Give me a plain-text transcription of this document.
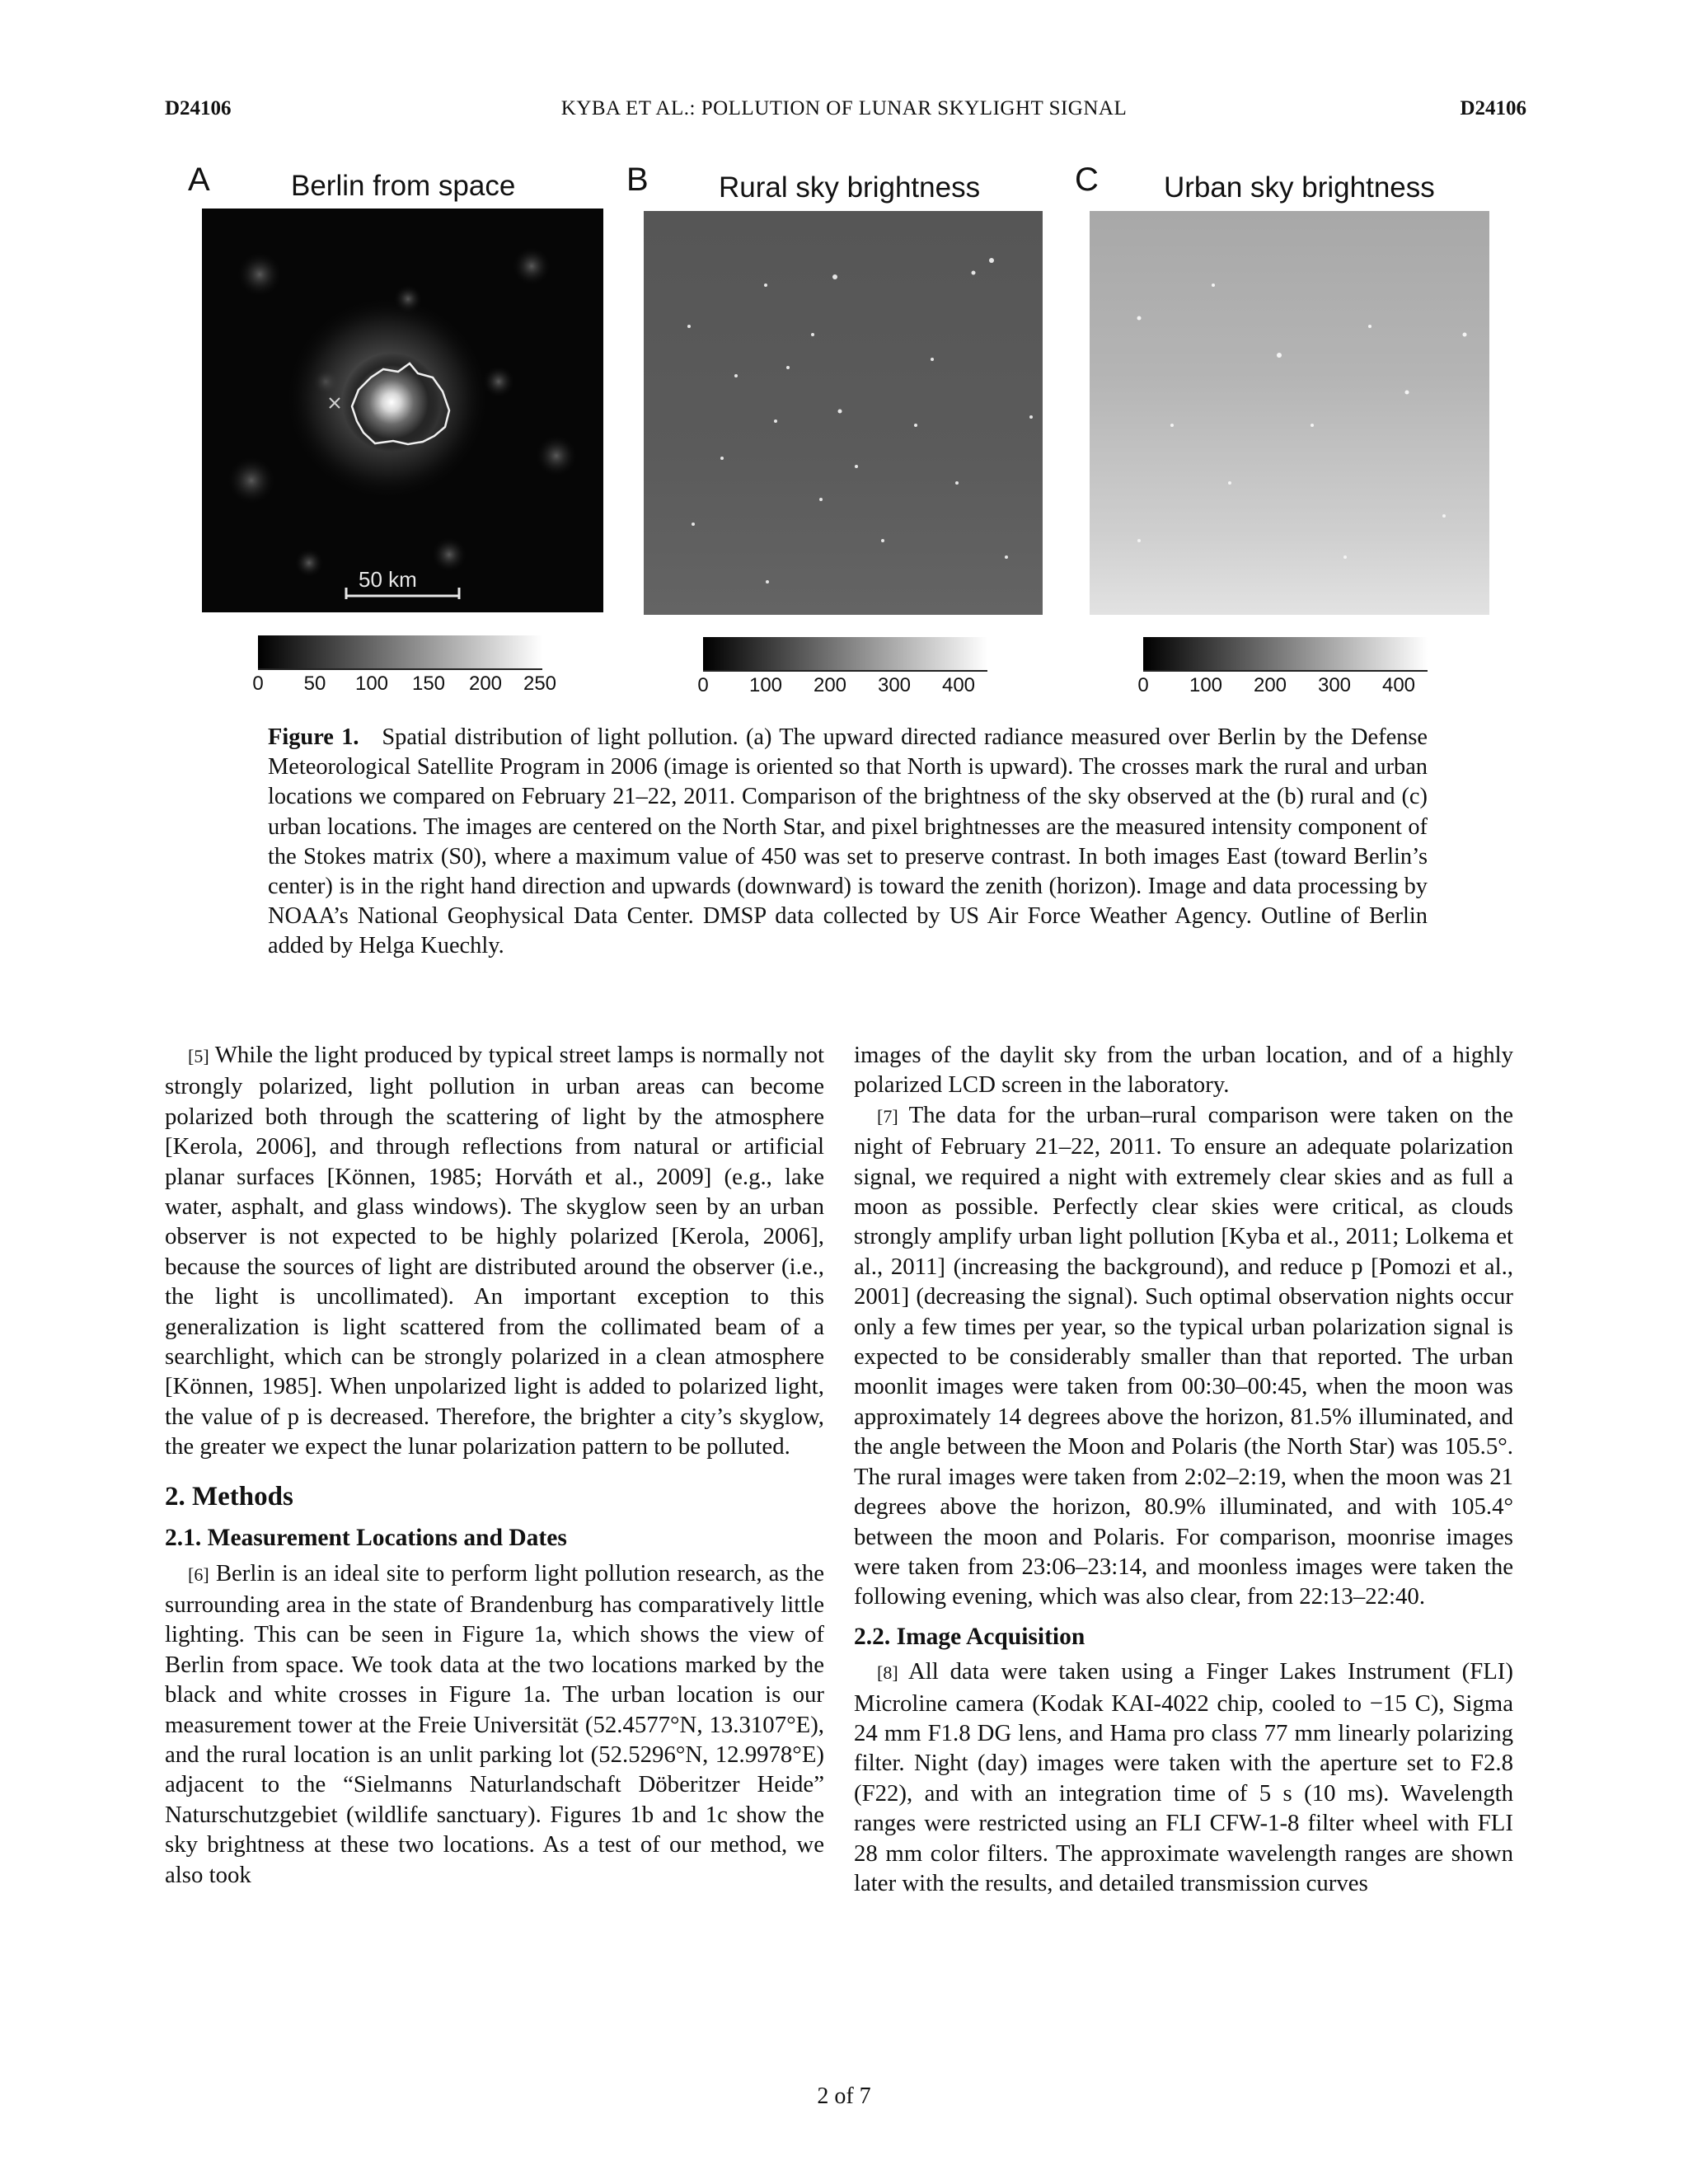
D24106	KYBA ET AL.: POLLUTION OF LUNAR SKYLIGHT SIGNAL	D24106
A	Berlin from space
50 km
B Rural sky brightness	C Urban sky brightness
0 50 100 150 200 250	0 100 200 300 400	0 100 200 300 400
Figure 1. Spatial distribution of light pollution. (a) The upward directed radiance measured over Berlin by the Defense Meteorological Satellite Program in 2006 (image is oriented so that North is upward). The crosses mark the rural and urban locations we compared on February 21–22, 2011. Comparison of the brightness of the sky observed at the (b) rural and (c) urban locations. The images are centered on the North Star, and pixel brightnesses are the measured intensity component of the Stokes matrix (S0), where a maximum value of 450 was set to preserve contrast. In both images East (toward Berlin’s center) is in the right hand direction and upwards (downward) is toward the zenith (horizon). Image and data processing by NOAA’s National Geophysical Data Center. DMSP data collected by US Air Force Weather Agency. Outline of Berlin added by Helga Kuechly.

[5] While the light produced by typical street lamps is normally not strongly polarized, light pollution in urban areas can become polarized both through the scattering of light by the atmosphere [Kerola, 2006], and through reflections from natural or artificial planar surfaces [Können, 1985; Horváth et al., 2009] (e.g., lake water, asphalt, and glass windows). The skyglow seen by an urban observer is not expected to be highly polarized [Kerola, 2006], because the sources of light are distributed around the observer (i.e., the light is uncollimated). An important exception to this generalization is light scattered from the collimated beam of a searchlight, which can be strongly polarized in a clean atmosphere [Können, 1985]. When unpolarized light is added to polarized light, the value of p is decreased. Therefore, the brighter a city’s skyglow, the greater we expect the lunar polarization pattern to be polluted.

2. Methods
2.1. Measurement Locations and Dates

[6] Berlin is an ideal site to perform light pollution research, as the surrounding area in the state of Brandenburg has comparatively little lighting. This can be seen in Figure 1a, which shows the view of Berlin from space. We took data at the two locations marked by the black and white crosses in Figure 1a. The urban location is our measurement tower at the Freie Universität (52.4577°N, 13.3107°E), and the rural location is an unlit parking lot (52.5296°N, 12.9978°E) adjacent to the “Sielmanns Naturlandschaft Döberitzer Heide” Naturschutzgebiet (wildlife sanctuary). Figures 1b and 1c show the sky brightness at these two locations. As a test of our method, we also took

images of the daylit sky from the urban location, and of a highly polarized LCD screen in the laboratory.

[7] The data for the urban–rural comparison were taken on the night of February 21–22, 2011. To ensure an adequate polarization signal, we required a night with extremely clear skies and as full a moon as possible. Perfectly clear skies were critical, as clouds strongly amplify urban light pollution [Kyba et al., 2011; Lolkema et al., 2011] (increasing the background), and reduce p [Pomozi et al., 2001] (decreasing the signal). Such optimal observation nights occur only a few times per year, so the typical urban polarization signal is expected to be considerably smaller than that reported. The urban moonlit images were taken from 00:30–00:45, when the moon was approximately 14 degrees above the horizon, 81.5% illuminated, and the angle between the Moon and Polaris (the North Star) was 105.5°. The rural images were taken from 2:02–2:19, when the moon was 21 degrees above the horizon, 80.9% illuminated, and with 105.4° between the moon and Polaris. For comparison, moonrise images were taken from 23:06–23:14, and moonless images were taken the following evening, which was also clear, from 22:13–22:40.

2.2. Image Acquisition

[8] All data were taken using a Finger Lakes Instrument (FLI) Microline camera (Kodak KAI-4022 chip, cooled to −15 C), Sigma 24 mm F1.8 DG lens, and Hama pro class 77 mm linearly polarizing filter. Night (day) images were taken with the aperture set to F2.8 (F22), and with an integration time of 5 s (10 ms). Wavelength ranges were restricted using an FLI CFW-1-8 filter wheel with FLI 28 mm color filters. The approximate wavelength ranges are shown later with the results, and detailed transmission curves

2 of 7
